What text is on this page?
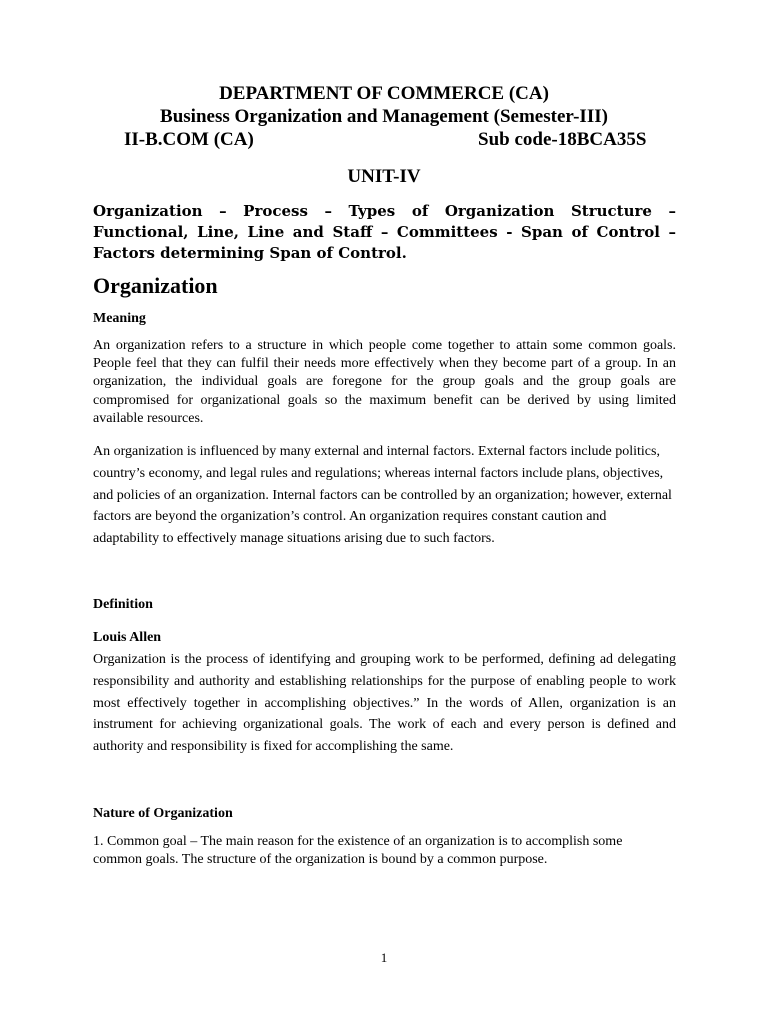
DEPARTMENT OF COMMERCE (CA)
Business Organization and Management (Semester-III)
II-B.COM (CA)	Sub code-18BCA35S
UNIT-IV
Organization – Process – Types of Organization Structure – Functional, Line, Line and Staff – Committees - Span of Control – Factors determining Span of Control.
Organization
Meaning
An organization refers to a structure in which people come together to attain some common goals. People feel that they can fulfil their needs more effectively when they become part of a group. In an organization, the individual goals are foregone for the group goals and the group goals are compromised for organizational goals so the maximum benefit can be derived by using limited available resources.
An organization is influenced by many external and internal factors. External factors include politics, country’s economy, and legal rules and regulations; whereas internal factors include plans, objectives, and policies of an organization. Internal factors can be controlled by an organization; however, external factors are beyond the organization’s control. An organization requires constant caution and adaptability to effectively manage situations arising due to such factors.
Definition
Louis Allen
Organization is the process of identifying and grouping work to be performed, defining ad delegating responsibility and authority and establishing relationships for the purpose of enabling people to work most effectively together in accomplishing objectives.” In the words of Allen, organization is an instrument for achieving organizational goals. The work of each and every person is defined and authority and responsibility is fixed for accomplishing the same.
Nature of Organization
1. Common goal – The main reason for the existence of an organization is to accomplish some common goals. The structure of the organization is bound by a common purpose.
1
